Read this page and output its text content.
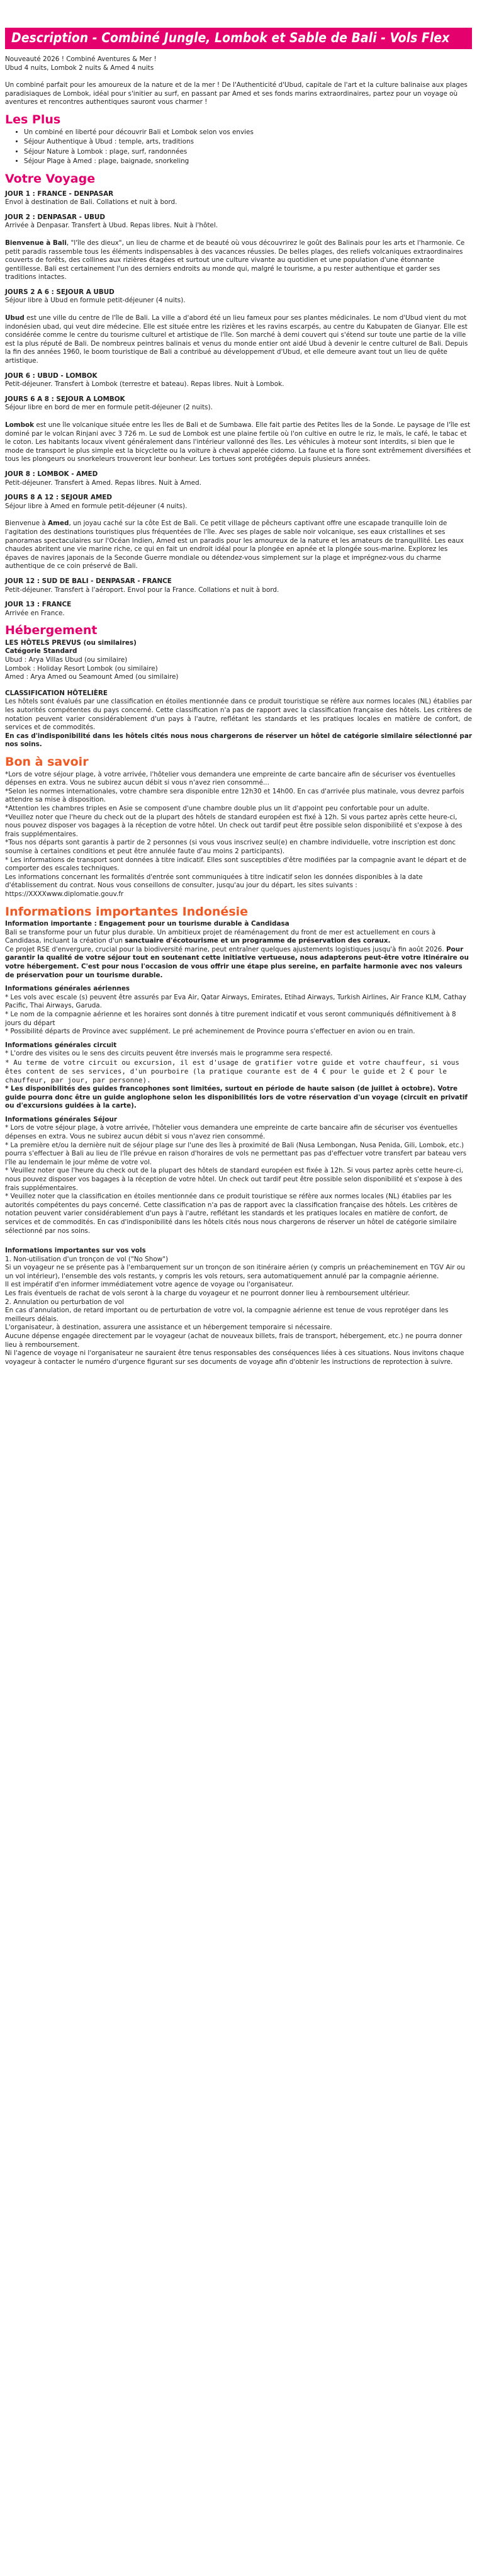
Description - Combiné Jungle, Lombok et Sable de Bali - Vols Flex
Nouveauté 2026 ! Combiné Aventures & Mer !
Ubud 4 nuits, Lombok 2 nuits & Amed 4 nuits

Un combiné parfait pour les amoureux de la nature et de la mer ! De l'Authenticité d'Ubud, capitale de l'art et la culture balinaise aux plages paradisiaques de Lombok, idéal pour s'initier au surf, en passant par Amed et ses fonds marins extraordinaires, partez pour un voyage où aventures et rencontres authentiques sauront vous charmer !

Les Plus
• Un combiné en liberté pour découvrir Bali et Lombok selon vos envies
• Séjour Authentique à Ubud : temple, arts, traditions
• Séjour Nature à Lombok : plage, surf, randonnées
• Séjour Plage à Amed : plage, baignade, snorkeling
Votre Voyage
JOUR 1 : FRANCE - DENPASAR

Envol à destination de Bali. Collations et nuit à bord.

JOUR 2 : DENPASAR - UBUD

Arrivée à Denpasar. Transfert à Ubud. Repas libres. Nuit à l'hôtel.

Bienvenue à Bali, "l'île des dieux", un lieu de charme et de beauté où vous découvrirez le goût des Balinais pour les arts et l'harmonie. Ce petit paradis rassemble tous les éléments indispensables à des vacances réussies. De belles plages, des reliefs volcaniques extraordinaires couverts de forêts, des collines aux rizières étagées et surtout une culture vivante au quotidien et une population d'une étonnante gentillesse. Bali est certainement l'un des derniers endroits au monde qui, malgré le tourisme, a pu rester authentique et garder ses traditions intactes.

JOURS 2 A 6 : SEJOUR A UBUD

Séjour libre à Ubud en formule petit-déjeuner (4 nuits).

Ubud est une ville du centre de l'île de Bali. La ville a d'abord été un lieu fameux pour ses plantes médicinales. Le nom d'Ubud vient du mot indonésien ubad, qui veut dire médecine. Elle est située entre les rizières et les ravins escarpés, au centre du Kabupaten de Gianyar. Elle est considérée comme le centre du tourisme culturel et artistique de l'île. Son marché à demi couvert qui s'étend sur toute une partie de la ville est la plus réputé de Bali. De nombreux peintres balinais et venus du monde entier ont aidé Ubud à devenir le centre culturel de Bali. Depuis la fin des années 1960, le boom touristique de Bali a contribué au développement d'Ubud, et elle demeure avant tout un lieu de quête artistique.

JOUR 6 : UBUD - LOMBOK

Petit-déjeuner. Transfert à Lombok (terrestre et bateau). Repas libres. Nuit à Lombok.

JOURS 6 A 8 : SEJOUR A LOMBOK

Séjour libre en bord de mer en formule petit-déjeuner (2 nuits).

Lombok est une île volcanique située entre les îles de Bali et de Sumbawa. Elle fait partie des Petites îles de la Sonde. Le paysage de l'île est dominé par le volcan Rinjani avec 3 726 m. Le sud de Lombok est une plaine fertile où l'on cultive en outre le riz, le maïs, le café, le tabac et le coton. Les habitants locaux vivent généralement dans l'intérieur vallonné des îles. Les véhicules à moteur sont interdits, si bien que le mode de transport le plus simple est la bicyclette ou la voiture à cheval appelée cidomo. La faune et la flore sont extrêmement diversifiées et tous les plongeurs ou snorkeleurs trouveront leur bonheur. Les tortues sont protégées depuis plusieurs années.

JOUR 8 : LOMBOK - AMED

Petit-déjeuner. Transfert à Amed. Repas libres. Nuit à Amed.

JOURS 8 A 12 : SEJOUR AMED

Séjour libre à Amed en formule petit-déjeuner (4 nuits).

Bienvenue à Amed, un joyau caché sur la côte Est de Bali. Ce petit village de pêcheurs captivant offre une escapade tranquille loin de l'agitation des destinations touristiques plus fréquentées de l'île. Avec ses plages de sable noir volcanique, ses eaux cristallines et ses panoramas spectaculaires sur l'Océan Indien, Amed est un paradis pour les amoureux de la nature et les amateurs de tranquillité. Les eaux chaudes abritent une vie marine riche, ce qui en fait un endroit idéal pour la plongée en apnée et la plongée sous-marine. Explorez les épaves de navires japonais de la Seconde Guerre mondiale ou détendez-vous simplement sur la plage et imprégnez-vous du charme authentique de ce coin préservé de Bali.

JOUR 12 : SUD DE BALI - DENPASAR - FRANCE

Petit-déjeuner. Transfert à l'aéroport. Envol pour la France. Collations et nuit à bord.

JOUR 13 : FRANCE

Arrivée en France.

Hébergement
LES HÔTELS PREVUS (ou similaires)
Catégorie Standard
Ubud : Arya Villas Ubud (ou similaire)
Lombok : Holiday Resort Lombok (ou similaire)
Amed : Arya Amed ou Seamount Amed (ou similaire)
CLASSIFICATION HÔTELIÈRE
Les hôtels sont évalués par une classification en étoiles mentionnée dans ce produit touristique se réfère aux normes locales (NL) établies par les autorités compétentes du pays concerné. Cette classification n'a pas de rapport avec la classification française des hôtels. Les critères de notation peuvent varier considérablement d'un pays à l'autre, reflétant les standards et les pratiques locales en matière de confort, de services et de commodités.

En cas d'indisponibilité dans les hôtels cités nous nous chargerons de réserver un hôtel de catégorie similaire sélectionné par nos soins.

Bon à savoir
*Lors de votre séjour plage, à votre arrivée, l'hôtelier vous demandera une empreinte de carte bancaire afin de sécuriser vos éventuelles dépenses en extra. Vous ne subirez aucun débit si vous n'avez rien consommé...
*Selon les normes internationales, votre chambre sera disponible entre 12h30 et 14h00. En cas d'arrivée plus matinale, vous devrez parfois attendre sa mise à disposition.
*Attention les chambres triples en Asie se composent d'une chambre double plus un lit d'appoint peu confortable pour un adulte.
*Veuillez noter que l'heure du check out de la plupart des hôtels de standard européen est fixé à 12h. Si vous partez après cette heure-ci, nous pouvez disposer vos bagages à la réception de votre hôtel. Un check out tardif peut être possible selon disponibilité et s'expose à des frais supplémentaires.
*Tous nos départs sont garantis à partir de 2 personnes (si vous vous inscrivez seul(e) en chambre individuelle, votre inscription est donc soumise à certaines conditions et peut être annulée faute d'au moins 2 participants).
* Les informations de transport sont données à titre indicatif. Elles sont susceptibles d'être modifiées par la compagnie avant le départ et de comporter des escales techniques.

Les informations concernant les formalités d'entrée sont communiquées à titre indicatif selon les données disponibles à la date d'établissement du contrat. Nous vous conseillons de consulter, jusqu'au jour du départ, les sites suivants : https://XXXXwww.diplomatie.gouv.fr

Informations importantes Indonésie
Information importante : Engagement pour un tourisme durable à Candidasa
Bali se transforme pour un futur plus durable. Un ambitieux projet de réaménagement du front de mer est actuellement en cours à Candidasa, incluant la création d'un sanctuaire d'écotourisme et un programme de préservation des coraux.

Ce projet RSE d'envergure, crucial pour la biodiversité marine, peut entraîner quelques ajustements logistiques jusqu'à fin août 2026. Pour garantir la qualité de votre séjour tout en soutenant cette initiative vertueuse, nous adapterons peut-être votre itinéraire ou votre hébergement. C'est pour nous l'occasion de vous offrir une étape plus sereine, en parfaite harmonie avec nos valeurs de préservation pour un tourisme durable.

Informations générales aériennes
* Les vols avec escale (s) peuvent être assurés par Eva Air, Qatar Airways, Emirates, Etihad Airways, Turkish Airlines, Air France KLM, Cathay Pacific, Thai Airways, Garuda.
* Le nom de la compagnie aérienne et les horaires sont donnés à titre purement indicatif et vous seront communiqués définitivement à 8 jours du départ

* Possibilité départs de Province avec supplément. Le pré acheminement de Province pourra s'effectuer en avion ou en train.

Informations générales circuit
* L'ordre des visites ou le sens des circuits peuvent être inversés mais le programme sera respecté.
* Au terme de votre circuit ou excursion, il est d'usage de gratifier votre guide et votre chauffeur, si vous êtes content de ses services, d'un pourboire (la pratique courante est de 4 € pour le guide et 2 € pour le chauffeur, par jour, par personne).

* Les disponibilités des guides francophones sont limitées, surtout en période de haute saison (de juillet à octobre). Votre guide pourra donc être un guide anglophone selon les disponibilités lors de votre réservation d'un voyage (circuit en privatif ou d'excursions guidées à la carte).

Informations générales Séjour
* Lors de votre séjour plage, à votre arrivée, l'hôtelier vous demandera une empreinte de carte bancaire afin de sécuriser vos éventuelles dépenses en extra. Vous ne subirez aucun débit si vous n'avez rien consommé.
* La première et/ou la dernière nuit de séjour plage sur l'une des îles à proximité de Bali (Nusa Lembongan, Nusa Penida, Gili, Lombok, etc.) pourra s'effectuer à Bali au lieu de l'île prévue en raison d'horaires de vols ne permettant pas pas d'effectuer votre transfert par bateau vers l'île au lendemain le jour même de votre vol.
* Veuillez noter que l'heure du check out de la plupart des hôtels de standard européen est fixée à 12h. Si vous partez après cette heure-ci, nous pouvez disposer vos bagages à la réception de votre hôtel. Un check out tardif peut être possible selon disponibilité et s'expose à des frais supplémentaires.

* Veuillez noter que la classification en étoiles mentionnée dans ce produit touristique se réfère aux normes locales (NL) établies par les autorités compétentes du pays concerné. Cette classification n'a pas de rapport avec la classification française des hôtels. Les critères de notation peuvent varier considérablement d'un pays à l'autre, reflétant les standards et les pratiques locales en matière de confort, de services et de commodités. En cas d'indisponibilité dans les hôtels cités nous nous chargerons de réserver un hôtel de catégorie similaire sélectionné par nos soins.

Informations importantes sur vos vols
1. Non-utilisation d'un tronçon de vol ("No Show")
Si un voyageur ne se présente pas à l'embarquement sur un tronçon de son itinéraire aérien (y compris un préacheminement en TGV Air ou un vol intérieur), l'ensemble des vols restants, y compris les vols retours, sera automatiquement annulé par la compagnie aérienne.
Il est impératif d'en informer immédiatement votre agence de voyage ou l'organisateur.
Les frais éventuels de rachat de vols seront à la charge du voyageur et ne pourront donner lieu à remboursement ultérieur.
2. Annulation ou perturbation de vol
En cas d'annulation, de retard important ou de perturbation de votre vol, la compagnie aérienne est tenue de vous reprotéger dans les meilleurs délais.
L'organisateur, à destination, assurera une assistance et un hébergement temporaire si nécessaire.
Aucune dépense engagée directement par le voyageur (achat de nouveaux billets, frais de transport, hébergement, etc.) ne pourra donner lieu à remboursement.
Ni l'agence de voyage ni l'organisateur ne sauraient être tenus responsables des conséquences liées à ces situations. Nous invitons chaque voyageur à contacter le numéro d'urgence figurant sur ses documents de voyage afin d'obtenir les instructions de reprotection à suivre.
